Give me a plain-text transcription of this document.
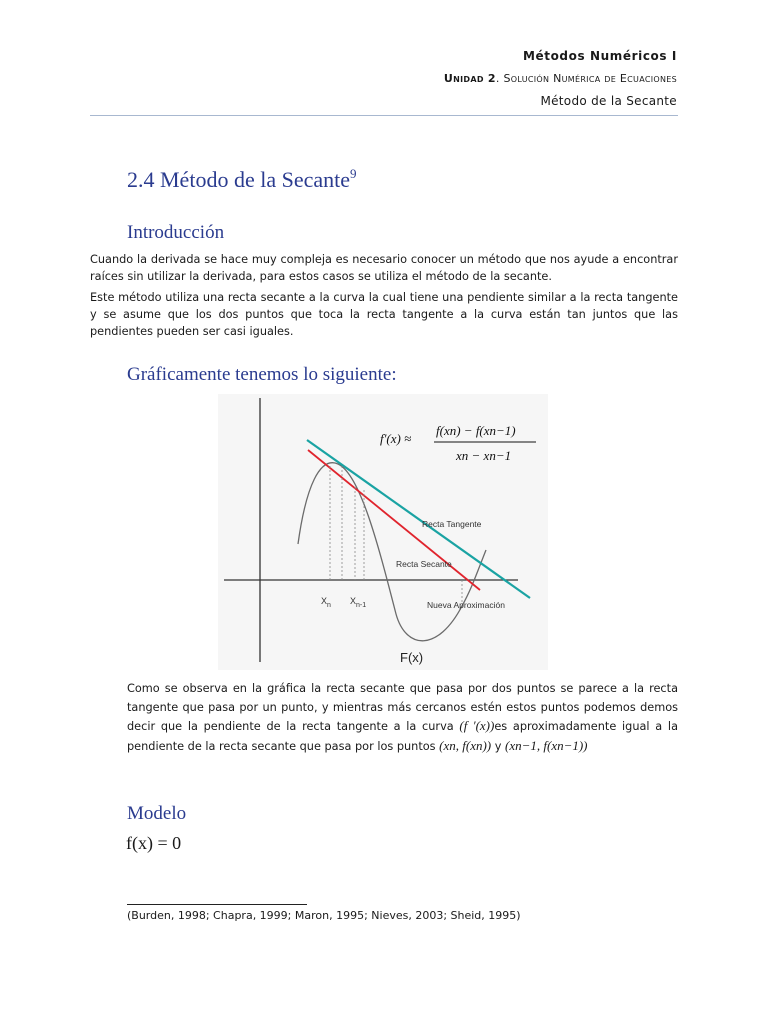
Métodos Numéricos I
Unidad 2. Solución Numérica de Ecuaciones
Método de la Secante
2.4 Método de la Secante$^9$
Introducción

Cuando la derivada se hace muy compleja es necesario conocer un método que nos ayude a encontrar raíces sin utilizar la derivada, para estos casos se utiliza el método de la secante.

Este método utiliza una recta secante a la curva la cual tiene una pendiente similar a la recta tangente y se asume que los dos puntos que toca la recta tangente a la curva están tan juntos que las pendientes pueden ser casi iguales.

Gráficamente tenemos lo siguiente:
f'(x) ≈
f(xn) − f(xn−1)
xn − xn−1
Recta Tangente
Recta Secante
Nueva Aproximación
$X_n$ $X_{n-1}$
F(x)

Como se observa en la gráfica la recta secante que pasa por dos puntos se parece a la recta tangente que pasa por un punto, y mientras más cercanos estén estos puntos podemos demos decir que la pendiente de la recta tangente a la curva (f ′(x))es aproximadamente igual a la pendiente de la recta secante que pasa por los puntos (xn, f(xn)) y (xn−1, f(xn−1))

Modelo
f(x) = 0
(Burden, 1998; Chapra, 1999; Maron, 1995; Nieves, 2003; Sheid, 1995)
